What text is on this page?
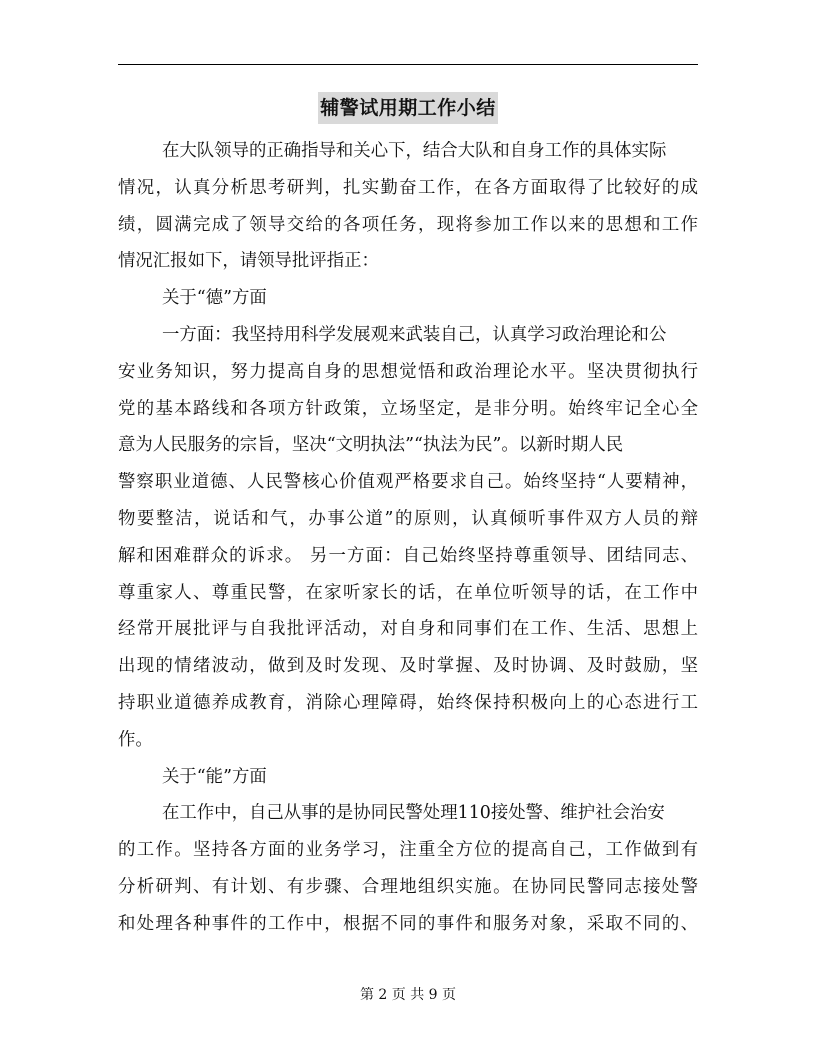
辅警试用期工作小结
在大队领导的正确指导和关心下，结合大队和自身工作的具体实际
情况，认真分析思考研判，扎实勤奋工作，在各方面取得了比较好的成
绩，圆满完成了领导交给的各项任务，现将参加工作以来的思想和工作
情况汇报如下，请领导批评指正：
关于“德”方面
一方面：我坚持用科学发展观来武装自己，认真学习政治理论和公
安业务知识，努力提高自身的思想觉悟和政治理论水平。坚决贯彻执行
党的基本路线和各项方针政策，立场坚定，是非分明。始终牢记全心全
意为人民服务的宗旨，坚决“文明执法”“执法为民”。以新时期人民
警察职业道德、人民警核心价值观严格要求自己。始终坚持“人要精神，
物要整洁，说话和气，办事公道”的原则，认真倾听事件双方人员的辩
解和困难群众的诉求。 另一方面：自己始终坚持尊重领导、团结同志、
尊重家人、尊重民警，在家听家长的话，在单位听领导的话，在工作中
经常开展批评与自我批评活动，对自身和同事们在工作、生活、思想上
出现的情绪波动，做到及时发现、及时掌握、及时协调、及时鼓励，坚
持职业道德养成教育，消除心理障碍，始终保持积极向上的心态进行工
作。
关于“能”方面
在工作中，自己从事的是协同民警处理110接处警、维护社会治安
的工作。坚持各方面的业务学习，注重全方位的提高自己，工作做到有
分析研判、有计划、有步骤、合理地组织实施。在协同民警同志接处警
和处理各种事件的工作中，根据不同的事件和服务对象，采取不同的、
第 2 页 共 9 页
